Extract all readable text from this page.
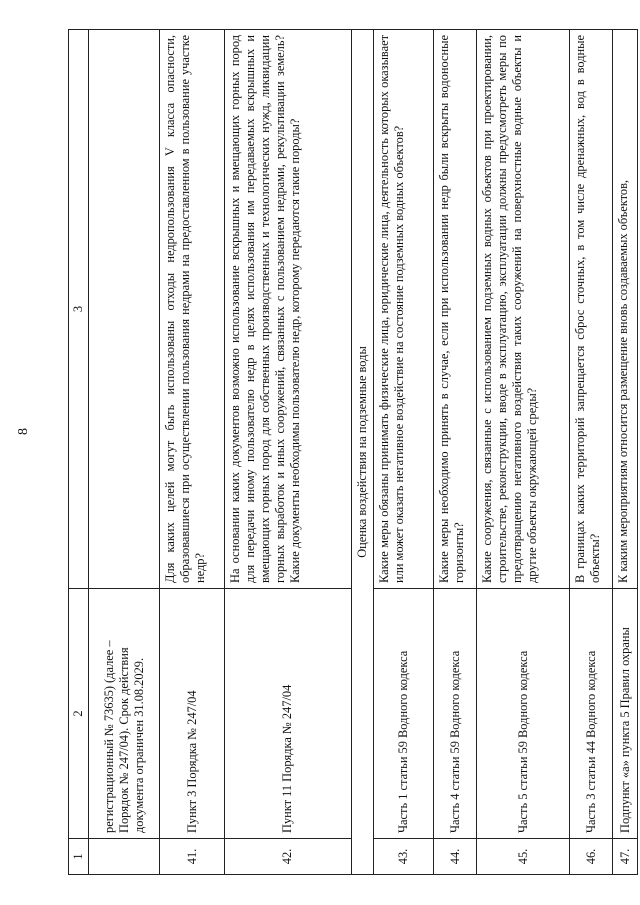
8
1	2	3
	регистрационный № 73635) (далее – Порядок № 247/04). Срок действия документа ограничен 31.08.2029.	
41.	Пункт 3 Порядка № 247/04	Для каких целей могут быть использованы отходы недропользования V класса опасности, образовавшиеся при осуществлении пользования недрами на предоставленном в пользование участке недр?
42.	Пункт 11 Порядка № 247/04	На основании каких документов возможно использование вскрышных и вмещающих горных пород для передачи иному пользователю недр в целях использования им передаваемых вскрышных и вмещающих горных пород для собственных производственных и технологических нужд, ликвидации горных выработок и иных сооружений, связанных с пользованием недрами, рекультивации земель? Какие документы необходимы пользователю недр, которому передаются такие породы?
Оценка воздействия на подземные воды		
43.	Часть 1 статьи 59 Водного кодекса	Какие меры обязаны принимать физические лица, юридические лица, деятельность которых оказывает или может оказать негативное воздействие на состояние подземных водных объектов?
44.	Часть 4 статьи 59 Водного кодекса	Какие меры необходимо принять в случае, если при использовании недр были вскрыты водоносные горизонты?
45.	Часть 5 статьи 59 Водного кодекса	Какие сооружения, связанные с использованием подземных водных объектов при проектировании, строительстве, реконструкции, вводе в эксплуатацию, эксплуатации должны предусмотреть меры по предотвращению негативного воздействия таких сооружений на поверхностные водные объекты и другие объекты окружающей среды?
46.	Часть 3 статьи 44 Водного кодекса	В границах каких территорий запрещается сброс сточных, в том числе дренажных, вод в водные объекты?
47.	Подпункт «а» пункта 5 Правил охраны	К каким мероприятиям относится размещение вновь создаваемых объектов,
